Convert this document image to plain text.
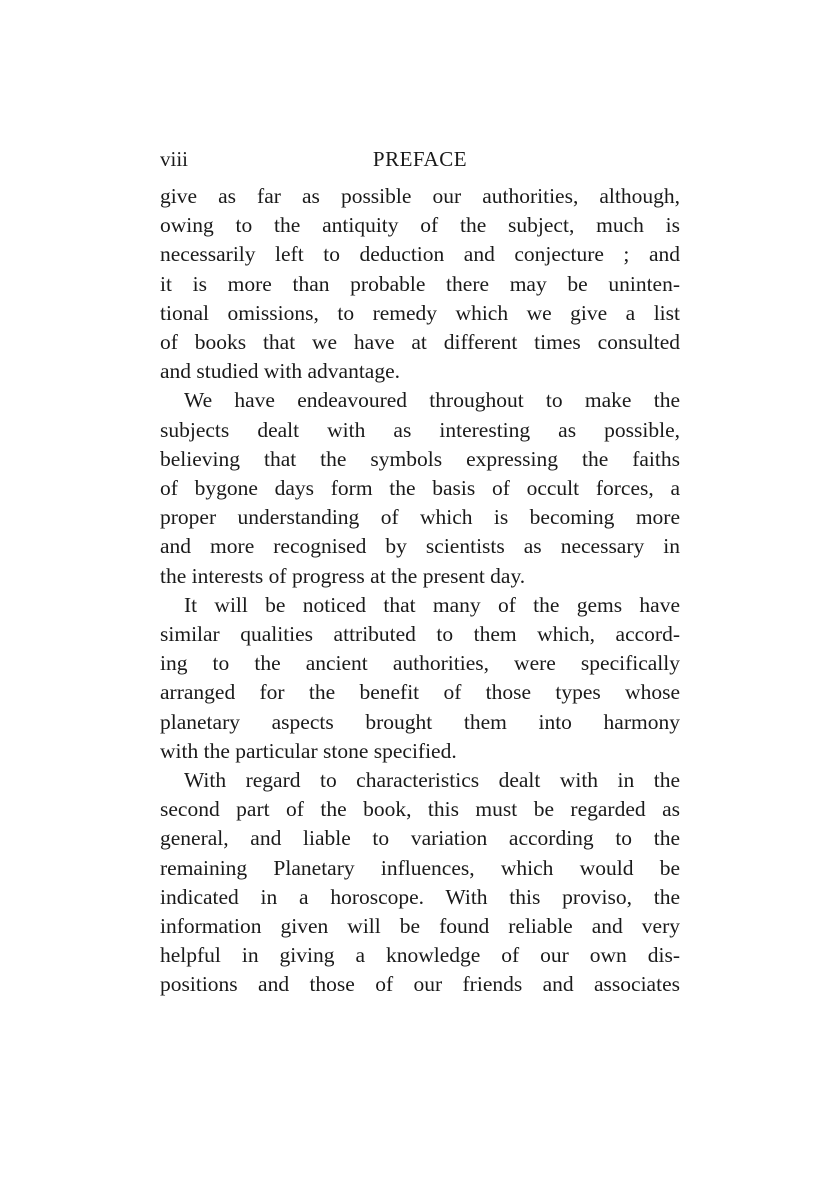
viii	PREFACE
give as far as possible our authorities, although,
owing to the antiquity of the subject, much is
necessarily left to deduction and conjecture ; and
it is more than probable there may be uninten-
tional omissions, to remedy which we give a list
of books that we have at different times consulted
and studied with advantage.
We have endeavoured throughout to make the
subjects dealt with as interesting as possible,
believing that the symbols expressing the faiths
of bygone days form the basis of occult forces, a
proper understanding of which is becoming more
and more recognised by scientists as necessary in
the interests of progress at the present day.
It will be noticed that many of the gems have
similar qualities attributed to them which, accord-
ing to the ancient authorities, were specifically
arranged for the benefit of those types whose
planetary aspects brought them into harmony
with the particular stone specified.
With regard to characteristics dealt with in the
second part of the book, this must be regarded as
general, and liable to variation according to the
remaining Planetary influences, which would be
indicated in a horoscope. With this proviso, the
information given will be found reliable and very
helpful in giving a knowledge of our own dis-
positions and those of our friends and associates
